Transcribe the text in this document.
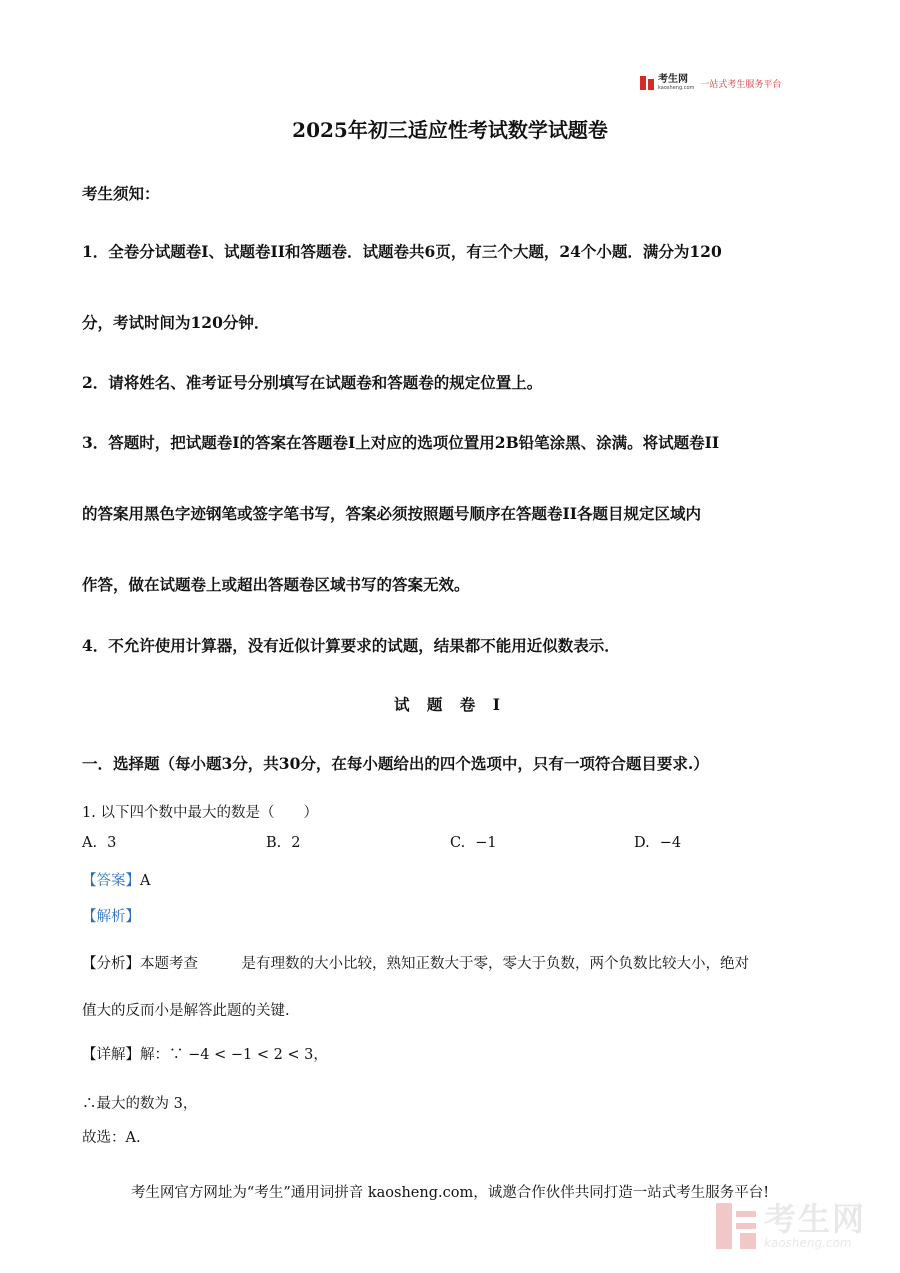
考生网
kaosheng.com 一站式考生服务平台
2025年初三适应性考试数学试题卷
考生须知：
1．全卷分试题卷I、试题卷II和答题卷．试题卷共6页，有三个大题，24个小题．满分为120
分，考试时间为120分钟．
2．请将姓名、准考证号分别填写在试题卷和答题卷的规定位置上。
3．答题时，把试题卷I的答案在答题卷I上对应的选项位置用2B铅笔涂黑、涂满。将试题卷II
的答案用黑色字迹钢笔或签字笔书写，答案必须按照题号顺序在答题卷II各题目规定区域内
作答，做在试题卷上或超出答题卷区域书写的答案无效。
4．不允许使用计算器，没有近似计算要求的试题，结果都不能用近似数表示．
试 题 卷 I
一．选择题（每小题3分，共30分，在每小题给出的四个选项中，只有一项符合题目要求.）
1. 以下四个数中最大的数是（　　）
A. 3	B. 2	C. −1	D. −4
【答案】A
【解析】
【分析】本题考查　　　是有理数的大小比较，熟知正数大于零，零大于负数，两个负数比较大小，绝对
值大的反而小是解答此题的关键.
【详解】解：∵ −4 < −1 < 2 < 3，
∴最大的数为 3，
故选：A.
考生网官方网址为“考生”通用词拼音 kaosheng.com，诚邀合作伙伴共同打造一站式考生服务平台!
考生网
kaosheng.com
